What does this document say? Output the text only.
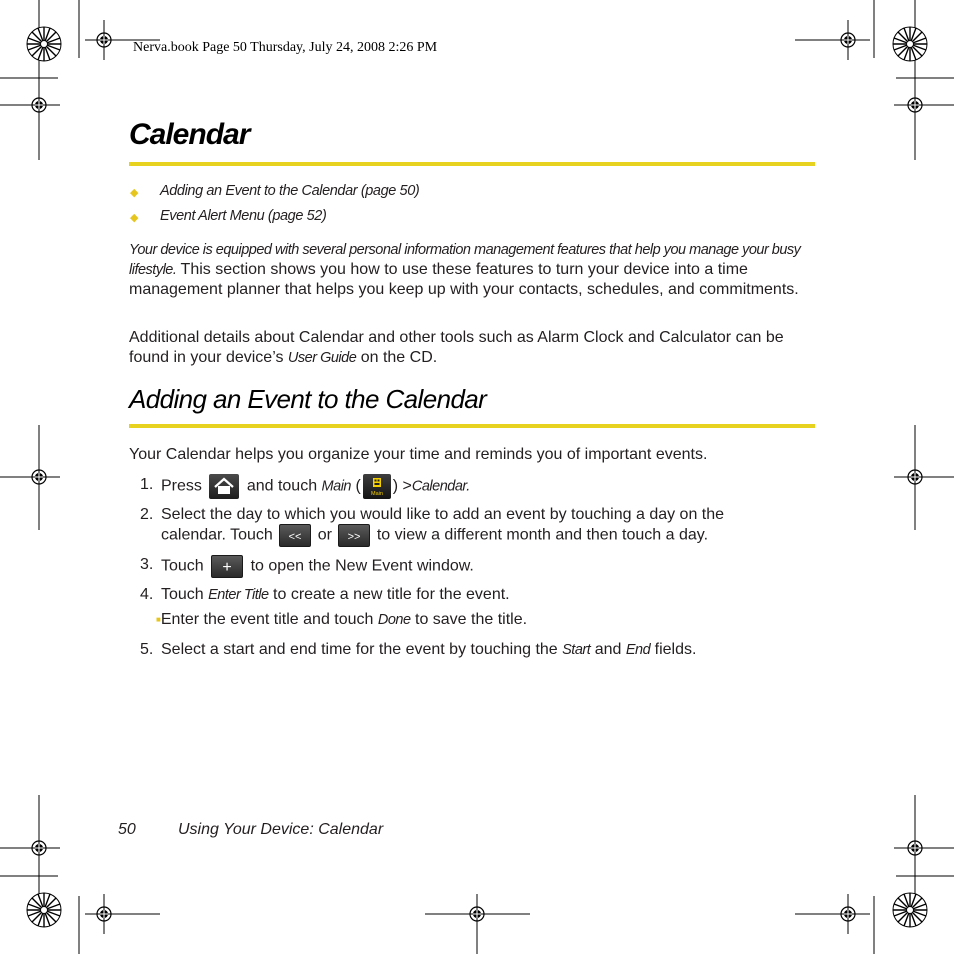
Nerva.book Page 50 Thursday, July 24, 2008 2:26 PM
Calendar
◆ Adding an Event to the Calendar (page 50)
◆ Event Alert Menu (page 52)
Your device is equipped with several personal information management features that help you manage your busy lifestyle. This section shows you how to use these features to turn your device into a time management planner that helps you keep up with your contacts, schedules, and commitments.
Additional details about Calendar and other tools such as Alarm Clock and Calculator can be found in your device’s User Guide on the CD.
Adding an Event to the Calendar
Your Calendar helps you organize your time and reminds you of important events.
1. Press	and touch Main ( Main ) >Calendar.
2. Select the day to which you would like to add an event by touching a day on the
calendar. Touch << or >> to view a different month and then touch a day.
3. Touch + to open the New Event window.
4. Touch Enter Title to create a new title for the event.
■Enter the event title and touch Done to save the title.
5. Select a start and end time for the event by touching the Start and End fields.
50	Using Your Device: Calendar
